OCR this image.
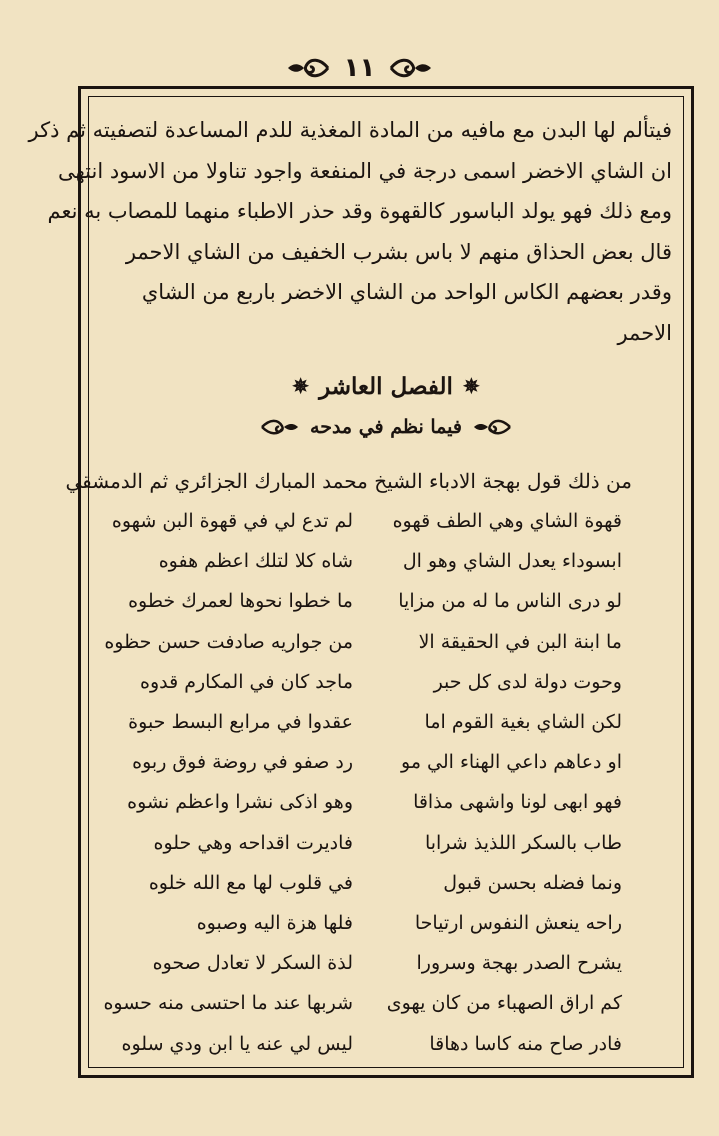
١١

فيتألم لها البدن مع مافيه من المادة المغذية للدم المساعدة لتصفيته ثم ذكر

ان الشاي الاخضر اسمى درجة في المنفعة واجود تناولا من الاسود انتهى

ومع ذلك فهو يولد الباسور كالقهوة وقد حذر الاطباء منهما للمصاب به نعم

قال بعض الحذاق منهم لا باس بشرب الخفيف من الشاي الاحمر

وقدر بعضهم الكاس الواحد من الشاي الاخضر باربع من الشاي

الاحمر

✵
الفصل العاشر
✵
فيما نظم في مدحه
من ذلك قول بهجة الادباء الشيخ محمد المبارك الجزائري ثم الدمشقي
قهوة الشاي وهي الطف قهوه
لم تدع لي في قهوة البن شهوه
ابسوداء يعدل الشاي وهو ال
شاه كلا لتلك اعظم هفوه
لو درى الناس ما له من مزايا
ما خطوا نحوها لعمرك خطوه
ما ابنة البن في الحقيقة الا
من جواريه صادفت حسن حظوه
وحوت دولة لدى كل حبر
ماجد كان في المكارم قدوه
لكن الشاي بغية القوم اما
عقدوا في مرابع البسط حبوة
او دعاهم داعي الهناء الي مو
رد صفو في روضة فوق ربوه
فهو ابهى لونا واشهى مذاقا
وهو اذكى نشرا واعظم نشوه
طاب بالسكر اللذيذ شرابا
فاديرت اقداحه وهي حلوه
ونما فضله بحسن قبول
في قلوب لها مع الله خلوه
راحه ينعش النفوس ارتياحا
فلها هزة اليه وصبوه
يشرح الصدر بهجة وسرورا
لذة السكر لا تعادل صحوه
كم اراق الصهباء من كان يهوى
شربها عند ما احتسى منه حسوه
فادر صاح منه كاسا دهاقا
ليس لي عنه يا ابن ودي سلوه
